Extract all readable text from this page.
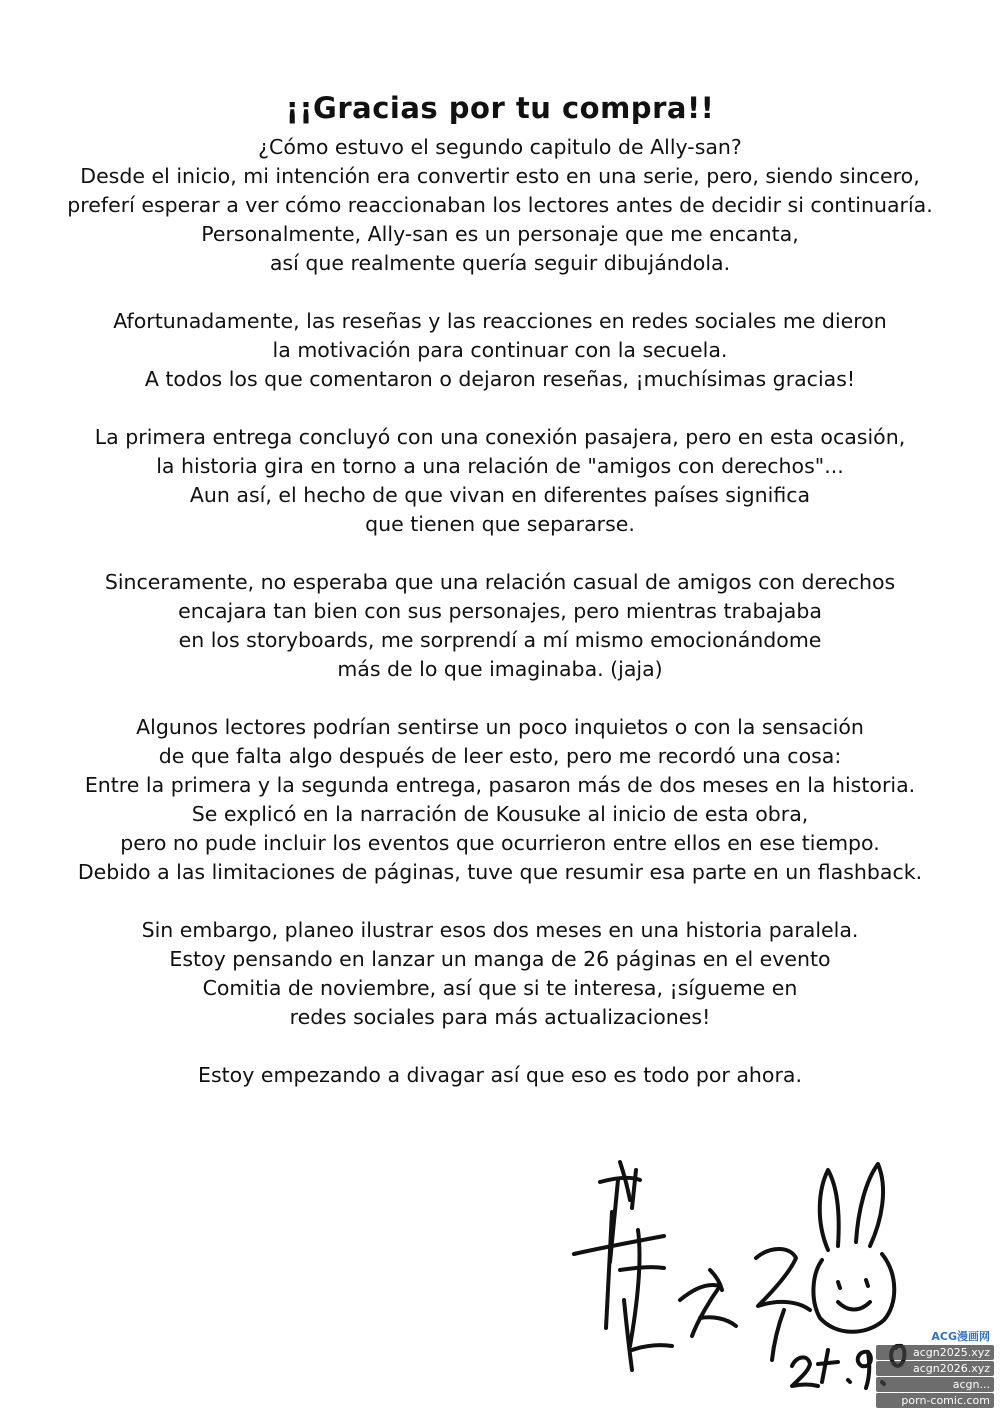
¡¡Gracias por tu compra!!

¿Cómo estuvo el segundo capitulo de Ally-san?
Desde el inicio, mi intención era convertir esto en una serie, pero, siendo sincero,
preferí esperar a ver cómo reaccionaban los lectores antes de decidir si continuaría.
Personalmente, Ally-san es un personaje que me encanta,
así que realmente quería seguir dibujándola.

Afortunadamente, las reseñas y las reacciones en redes sociales me dieron
la motivación para continuar con la secuela.
A todos los que comentaron o dejaron reseñas, ¡muchísimas gracias!

La primera entrega concluyó con una conexión pasajera, pero en esta ocasión,
la historia gira en torno a una relación de "amigos con derechos"...
Aun así, el hecho de que vivan en diferentes países significa
que tienen que separarse.

Sinceramente, no esperaba que una relación casual de amigos con derechos
encajara tan bien con sus personajes, pero mientras trabajaba
en los storyboards, me sorprendí a mí mismo emocionándome
más de lo que imaginaba. (jaja)

Algunos lectores podrían sentirse un poco inquietos o con la sensación
de que falta algo después de leer esto, pero me recordó una cosa:
Entre la primera y la segunda entrega, pasaron más de dos meses en la historia.
Se explicó en la narración de Kousuke al inicio de esta obra,
pero no pude incluir los eventos que ocurrieron entre ellos en ese tiempo.
Debido a las limitaciones de páginas, tuve que resumir esa parte en un flashback.

Sin embargo, planeo ilustrar esos dos meses en una historia paralela.
Estoy pensando en lanzar un manga de 26 páginas en el evento
Comitia de noviembre, así que si te interesa, ¡sígueme en
redes sociales para más actualizaciones!

Estoy empezando a divagar así que eso es todo por ahora.

ACG漫画网
acgn2025.xyz
acgn2026.xyz
acgn...
porn-comic.com
